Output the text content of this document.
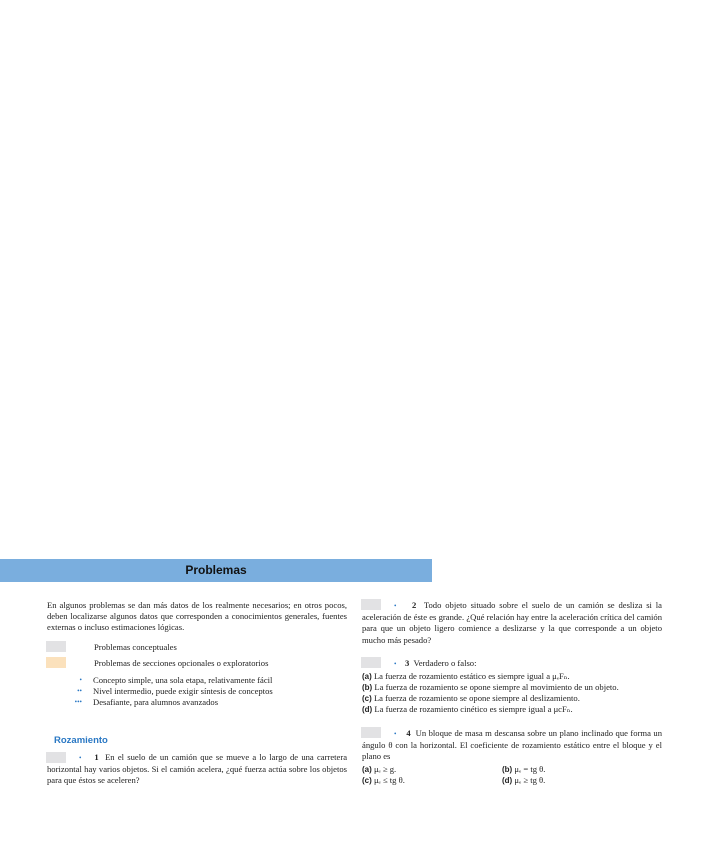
Problemas
En algunos problemas se dan más datos de los realmente necesarios; en otros pocos, deben localizarse algunos datos que corresponden a conocimientos generales, fuentes externas o incluso estimaciones lógicas.
Problemas conceptuales
Problemas de secciones opcionales o exploratorios
• Concepto simple, una sola etapa, relativamente fácil
•• Nivel intermedio, puede exigir síntesis de conceptos
••• Desafiante, para alumnos avanzados
Rozamiento
• 1 En el suelo de un camión que se mueve a lo largo de una carretera horizontal hay varios objetos. Si el camión acelera, ¿qué fuerza actúa sobre los objetos para que éstos se aceleren?
• 2 Todo objeto situado sobre el suelo de un camión se desliza si la aceleración de éste es grande. ¿Qué relación hay entre la aceleración crítica del camión para que un objeto ligero comience a deslizarse y la que corresponde a un objeto mucho más pesado?
• 3 Verdadero o falso:
(a) La fuerza de rozamiento estático es siempre igual a μₑFₙ.
(b) La fuerza de rozamiento se opone siempre al movimiento de un objeto.
(c) La fuerza de rozamiento se opone siempre al deslizamiento.
(d) La fuerza de rozamiento cinético es siempre igual a μcFₙ.
• 4 Un bloque de masa m descansa sobre un plano inclinado que forma un ángulo θ con la horizontal. El coeficiente de rozamiento estático entre el bloque y el plano es
(a) μₑ ≥ g.	(b) μₑ = tg θ.
(c) μₑ ≤ tg θ.	(d) μₑ ≥ tg θ.
